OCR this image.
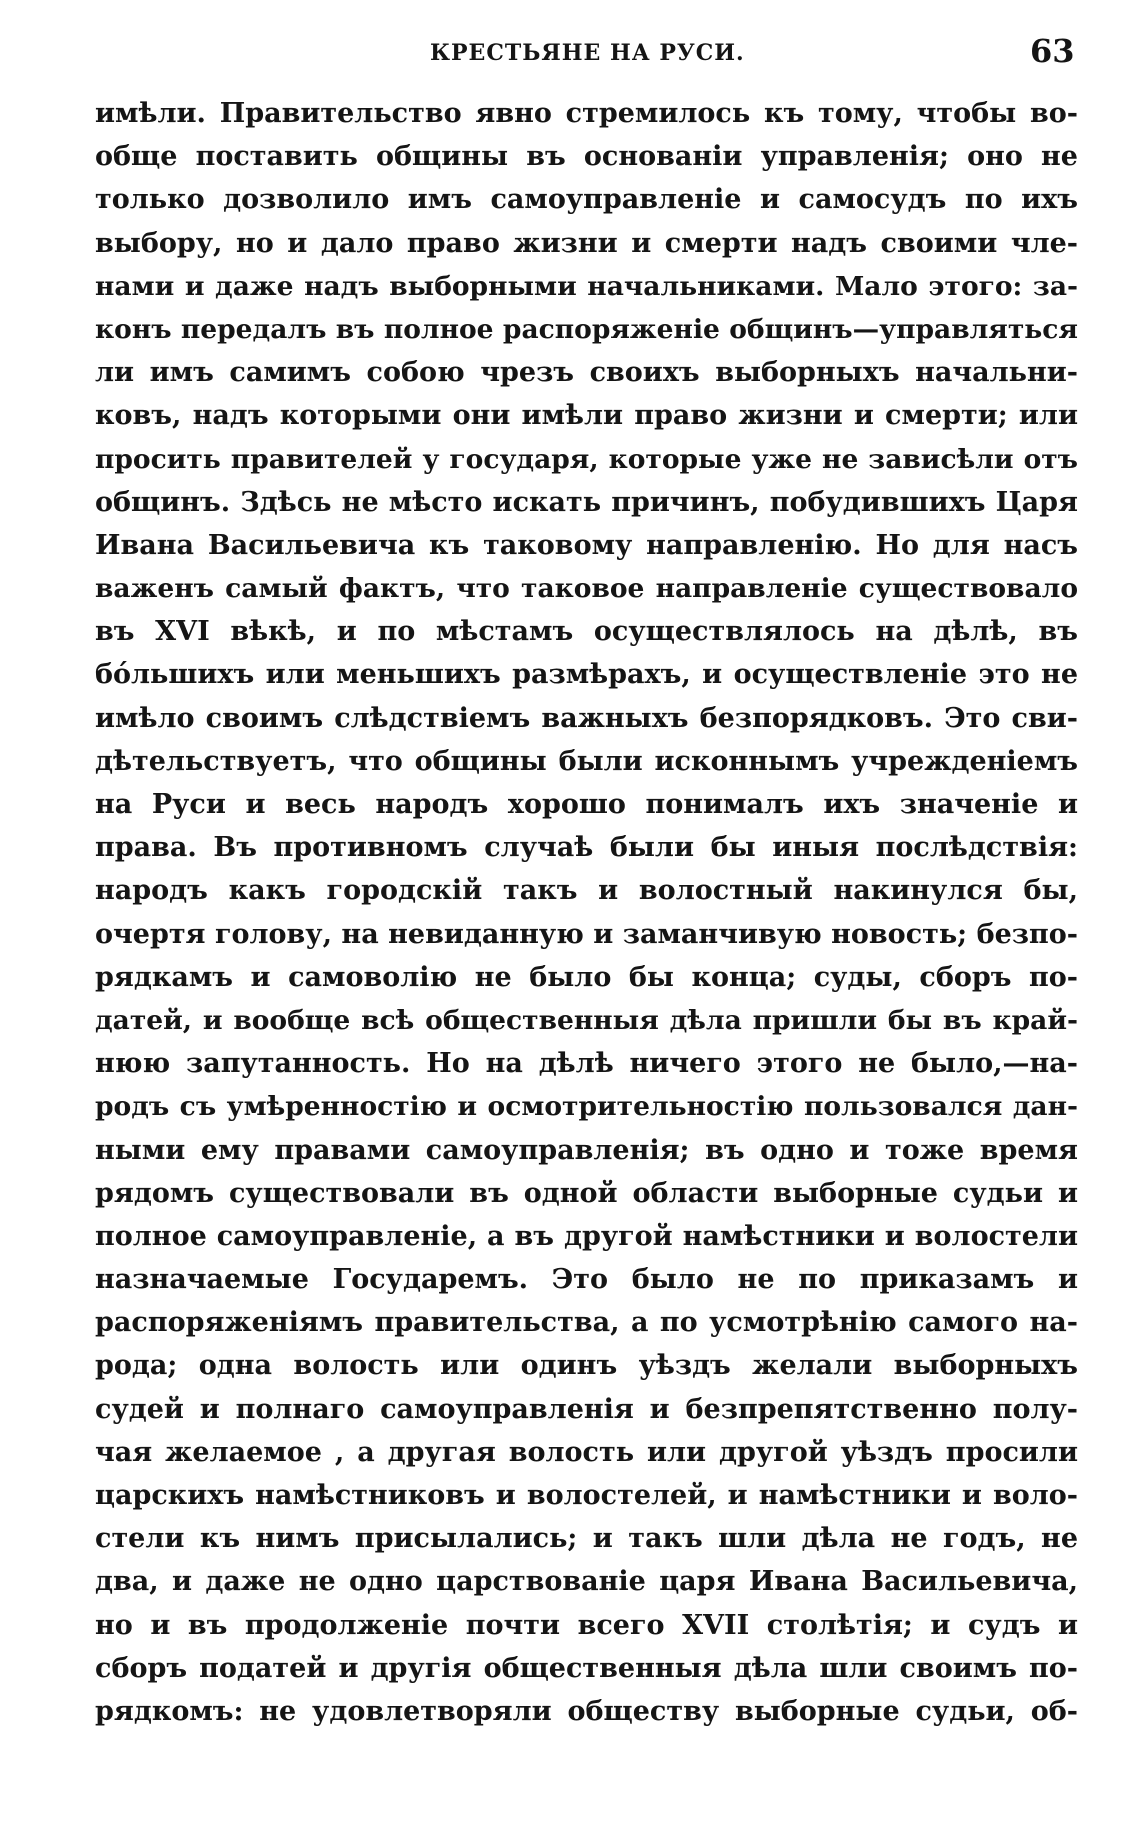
КРЕСТЬЯНЕ НА РУСИ.	63
имѣли. Правительство явно стремилось къ тому, чтобы во-
обще поставить общины въ основаніи управленія; оно не
только дозволило имъ самоуправленіе и самосудъ по ихъ
выбору, но и дало право жизни и смерти надъ своими чле-
нами и даже надъ выборными начальниками. Мало этого: за-
конъ передалъ въ полное распоряженіе общинъ—управляться
ли имъ самимъ собою чрезъ своихъ выборныхъ начальни-
ковъ, надъ которыми они имѣли право жизни и смерти; или
просить правителей у государя, которые уже не зависѣли отъ
общинъ. Здѣсь не мѣсто искать причинъ, побудившихъ Царя
Ивана Васильевича къ таковому направленію. Но для насъ
важенъ самый фактъ, что таковое направленіе существовало
въ XVI вѣкѣ, и по мѣстамъ осуществлялось на дѣлѣ, въ
бо́льшихъ или меньшихъ размѣрахъ, и осуществленіе это не
имѣло своимъ слѣдствіемъ важныхъ безпорядковъ. Это сви-
дѣтельствуетъ, что общины были исконнымъ учрежденіемъ
на Руси и весь народъ хорошо понималъ ихъ значеніе и
права. Въ противномъ случаѣ были бы иныя послѣдствія:
народъ какъ городскій такъ и волостный накинулся бы,
очертя голову, на невиданную и заманчивую новость; безпо-
рядкамъ и самоволію не было бы конца; суды, сборъ по-
датей, и вообще всѣ общественныя дѣла пришли бы въ край-
нюю запутанность. Но на дѣлѣ ничего этого не было,—на-
родъ съ умѣренностію и осмотрительностію пользовался дан-
ными ему правами самоуправленія; въ одно и тоже время
рядомъ существовали въ одной области выборные судьи и
полное самоуправленіе, а въ другой намѣстники и волостели
назначаемые Государемъ. Это было не по приказамъ и
распоряженіямъ правительства, а по усмотрѣнію самого на-
рода; одна волость или одинъ уѣздъ желали выборныхъ
судей и полнаго самоуправленія и безпрепятственно полу-
чая желаемое , а другая волость или другой уѣздъ просили
царскихъ намѣстниковъ и волостелей, и намѣстники и воло-
стели къ нимъ присылались; и такъ шли дѣла не годъ, не
два, и даже не одно царствованіе царя Ивана Васильевича,
но и въ продолженіе почти всего XVII столѣтія; и судъ и
сборъ податей и другія общественныя дѣла шли своимъ по-
рядкомъ: не удовлетворяли обществу выборные судьи, об-
